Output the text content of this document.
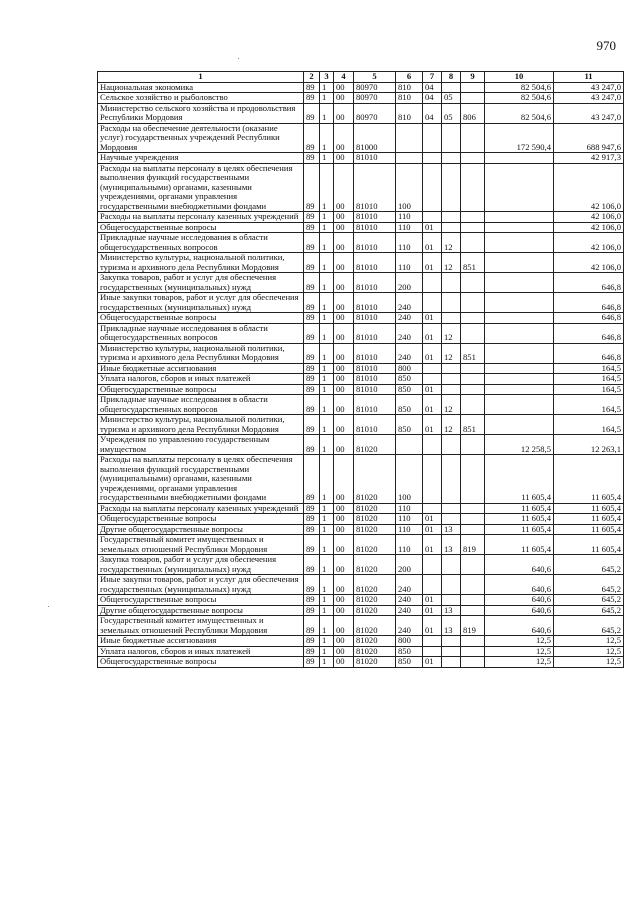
970
1	2	3	4	5	6	7	8	9	10	11
Национальная экономика	89	1	00	80970	810	04			82 504,6	43 247,0
Сельское хозяйство и рыболовство	89	1	00	80970	810	04	05		82 504,6	43 247,0
Министерство сельского хозяйства и продовольствия Республики Мордовия	89	1	00	80970	810	04	05	806	82 504,6	43 247,0
Расходы на обеспечение деятельности (оказание услуг) государственных учреждений Республики Мордовия	89	1	00	81000					172 590,4	688 947,6
Научные учреждения	89	1	00	81010						42 917,3
Расходы на выплаты персоналу в целях обеспечения выполнения функций государственными (муниципальными) органами, казенными учреждениями, органами управления государственными внебюджетными фондами	89	1	00	81010	100					42 106,0
Расходы на выплаты персоналу казенных учреждений	89	1	00	81010	110					42 106,0
Общегосударственные вопросы	89	1	00	81010	110	01				42 106,0
Прикладные научные исследования в области общегосударственных вопросов	89	1	00	81010	110	01	12			42 106,0
Министерство культуры, национальной политики, туризма и архивного дела Республики Мордовия	89	1	00	81010	110	01	12	851		42 106,0
Закупка товаров, работ и услуг для обеспечения государственных (муниципальных) нужд	89	1	00	81010	200					646,8
Иные закупки товаров, работ и услуг для обеспечения государственных (муниципальных) нужд	89	1	00	81010	240					646,8
Общегосударственные вопросы	89	1	00	81010	240	01				646,8
Прикладные научные исследования в области общегосударственных вопросов	89	1	00	81010	240	01	12			646,8
Министерство культуры, национальной политики, туризма и архивного дела Республики Мордовия	89	1	00	81010	240	01	12	851		646,8
Иные бюджетные ассигнования	89	1	00	81010	800					164,5
Уплата налогов, сборов и иных платежей	89	1	00	81010	850					164,5
Общегосударственные вопросы	89	1	00	81010	850	01				164,5
Прикладные научные исследования в области общегосударственных вопросов	89	1	00	81010	850	01	12			164,5
Министерство культуры, национальной политики, туризма и архивного дела Республики Мордовия	89	1	00	81010	850	01	12	851		164,5
Учреждения по управлению государственным имуществом	89	1	00	81020					12 258,5	12 263,1
Расходы на выплаты персоналу в целях обеспечения выполнения функций государственными (муниципальными) органами, казенными учреждениями, органами управления государственными внебюджетными фондами	89	1	00	81020	100				11 605,4	11 605,4
Расходы на выплаты персоналу казенных учреждений	89	1	00	81020	110				11 605,4	11 605,4
Общегосударственные вопросы	89	1	00	81020	110	01			11 605,4	11 605,4
Другие общегосударственные вопросы	89	1	00	81020	110	01	13		11 605,4	11 605,4
Государственный комитет имущественных и земельных отношений Республики Мордовия	89	1	00	81020	110	01	13	819	11 605,4	11 605,4
Закупка товаров, работ и услуг для обеспечения государственных (муниципальных) нужд	89	1	00	81020	200				640,6	645,2
Иные закупки товаров, работ и услуг для обеспечения государственных (муниципальных) нужд	89	1	00	81020	240				640,6	645,2
Общегосударственные вопросы	89	1	00	81020	240	01			640,6	645,2
Другие общегосударственные вопросы	89	1	00	81020	240	01	13		640,6	645,2
Государственный комитет имущественных и земельных отношений Республики Мордовия	89	1	00	81020	240	01	13	819	640,6	645,2
Иные бюджетные ассигнования	89	1	00	81020	800				12,5	12,5
Уплата налогов, сборов и иных платежей	89	1	00	81020	850				12,5	12,5
Общегосударственные вопросы	89	1	00	81020	850	01			12,5	12,5
